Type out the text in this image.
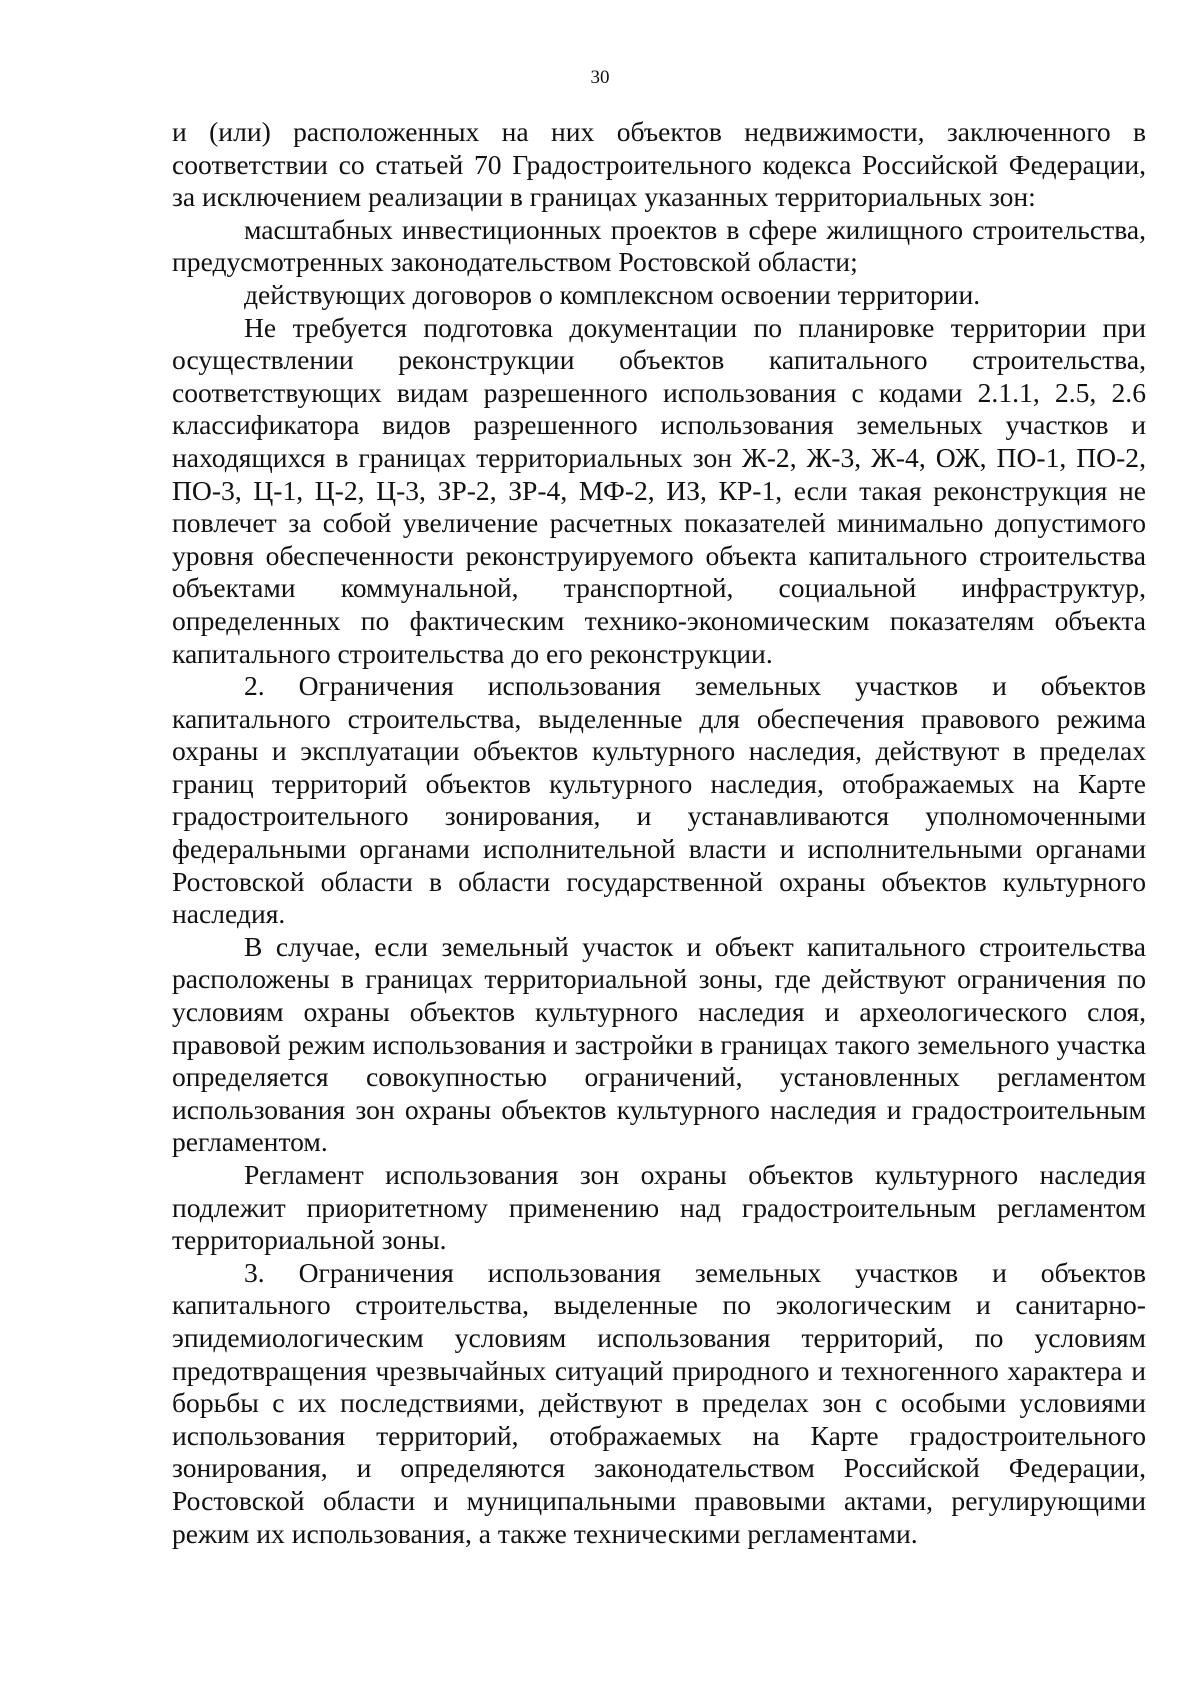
30

и (или) расположенных на них объектов недвижимости, заключенного в соответствии со статьей 70 Градостроительного кодекса Российской Федерации, за исключением реализации в границах указанных территориальных зон:

масштабных инвестиционных проектов в сфере жилищного строительства, предусмотренных законодательством Ростовской области;

действующих договоров о комплексном освоении территории.

Не требуется подготовка документации по планировке территории при осуществлении реконструкции объектов капитального строительства, соответствующих видам разрешенного использования с кодами 2.1.1, 2.5, 2.6 классификатора видов разрешенного использования земельных участков и находящихся в границах территориальных зон Ж-2, Ж-3, Ж-4, ОЖ, ПО-1, ПО-2, ПО-3, Ц-1, Ц-2, Ц-3, ЗР-2, ЗР-4, МФ-2, ИЗ, КР-1, если такая реконструкция не повлечет за собой увеличение расчетных показателей минимально допустимого уровня обеспеченности реконструируемого объекта капитального строительства объектами коммунальной, транспортной, социальной инфраструктур, определенных по фактическим технико-экономическим показателям объекта капитального строительства до его реконструкции.

2. Ограничения использования земельных участков и объектов капитального строительства, выделенные для обеспечения правового режима охраны и эксплуатации объектов культурного наследия, действуют в пределах границ территорий объектов культурного наследия, отображаемых на Карте градостроительного зонирования, и устанавливаются уполномоченными федеральными органами исполнительной власти и исполнительными органами Ростовской области в области государственной охраны объектов культурного наследия.

В случае, если земельный участок и объект капитального строительства расположены в границах территориальной зоны, где действуют ограничения по условиям охраны объектов культурного наследия и археологического слоя, правовой режим использования и застройки в границах такого земельного участка определяется совокупностью ограничений, установленных регламентом использования зон охраны объектов культурного наследия и градостроительным регламентом.

Регламент использования зон охраны объектов культурного наследия подлежит приоритетному применению над градостроительным регламентом территориальной зоны.

3. Ограничения использования земельных участков и объектов капитального строительства, выделенные по экологическим и санитарно-эпидемиологическим условиям использования территорий, по условиям предотвращения чрезвычайных ситуаций природного и техногенного характера и борьбы с их последствиями, действуют в пределах зон с особыми условиями использования территорий, отображаемых на Карте градостроительного зонирования, и определяются законодательством Российской Федерации, Ростовской области и муниципальными правовыми актами, регулирующими режим их использования, а также техническими регламентами.
